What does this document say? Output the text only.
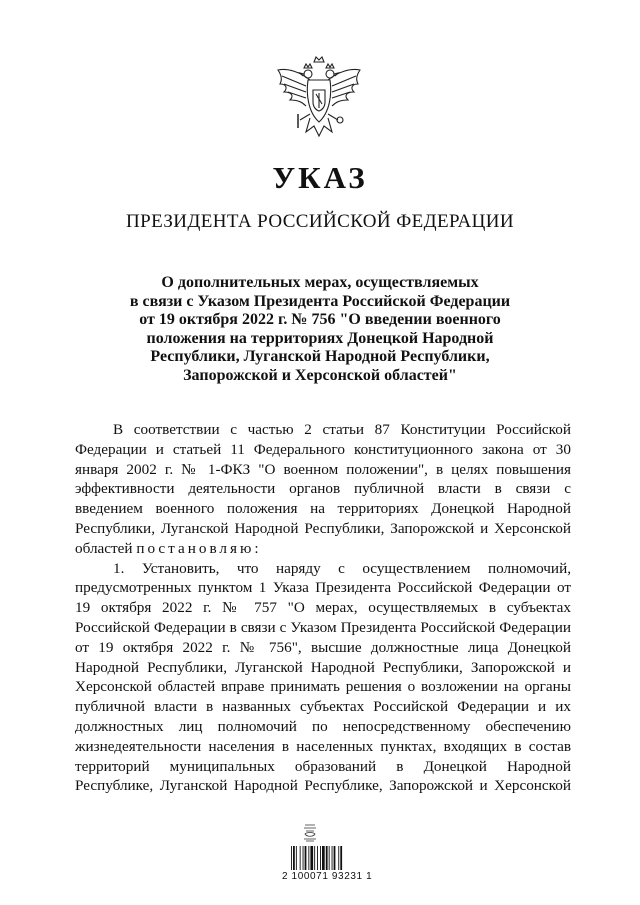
УКАЗ
ПРЕЗИДЕНТА РОССИЙСКОЙ ФЕДЕРАЦИИ
О дополнительных мерах, осуществляемых
в связи с Указом Президента Российской Федерации
от 19 октября 2022 г. № 756 "О введении военного
положения на территориях Донецкой Народной
Республики, Луганской Народной Республики,
Запорожской и Херсонской областей"

В соответствии с частью 2 статьи 87 Конституции Российской Федерации и статьей 11 Федерального конституционного закона от 30 января 2002 г. № 1-ФКЗ "О военном положении", в целях повышения эффективности деятельности органов публичной власти в связи с введением военного положения на территориях Донецкой Народной Республики, Луганской Народной Республики, Запорожской и Херсонской областей постановляю:

1. Установить, что наряду с осуществлением полномочий, предусмотренных пунктом 1 Указа Президента Российской Федерации от 19 октября 2022 г. № 757 "О мерах, осуществляемых в субъектах Российской Федерации в связи с Указом Президента Российской Федерации от 19 октября 2022 г. № 756", высшие должностные лица Донецкой Народной Республики, Луганской Народной Республики, Запорожской и Херсонской областей вправе принимать решения о возложении на органы публичной власти в названных субъектах Российской Федерации и их должностных лиц полномочий по непосредственному обеспечению жизнедеятельности населения в населенных пунктах, входящих в состав территорий муниципальных образований в Донецкой Народной Республике, Луганской Народной Республике, Запорожской и Херсонской

2 100071 93231 1
